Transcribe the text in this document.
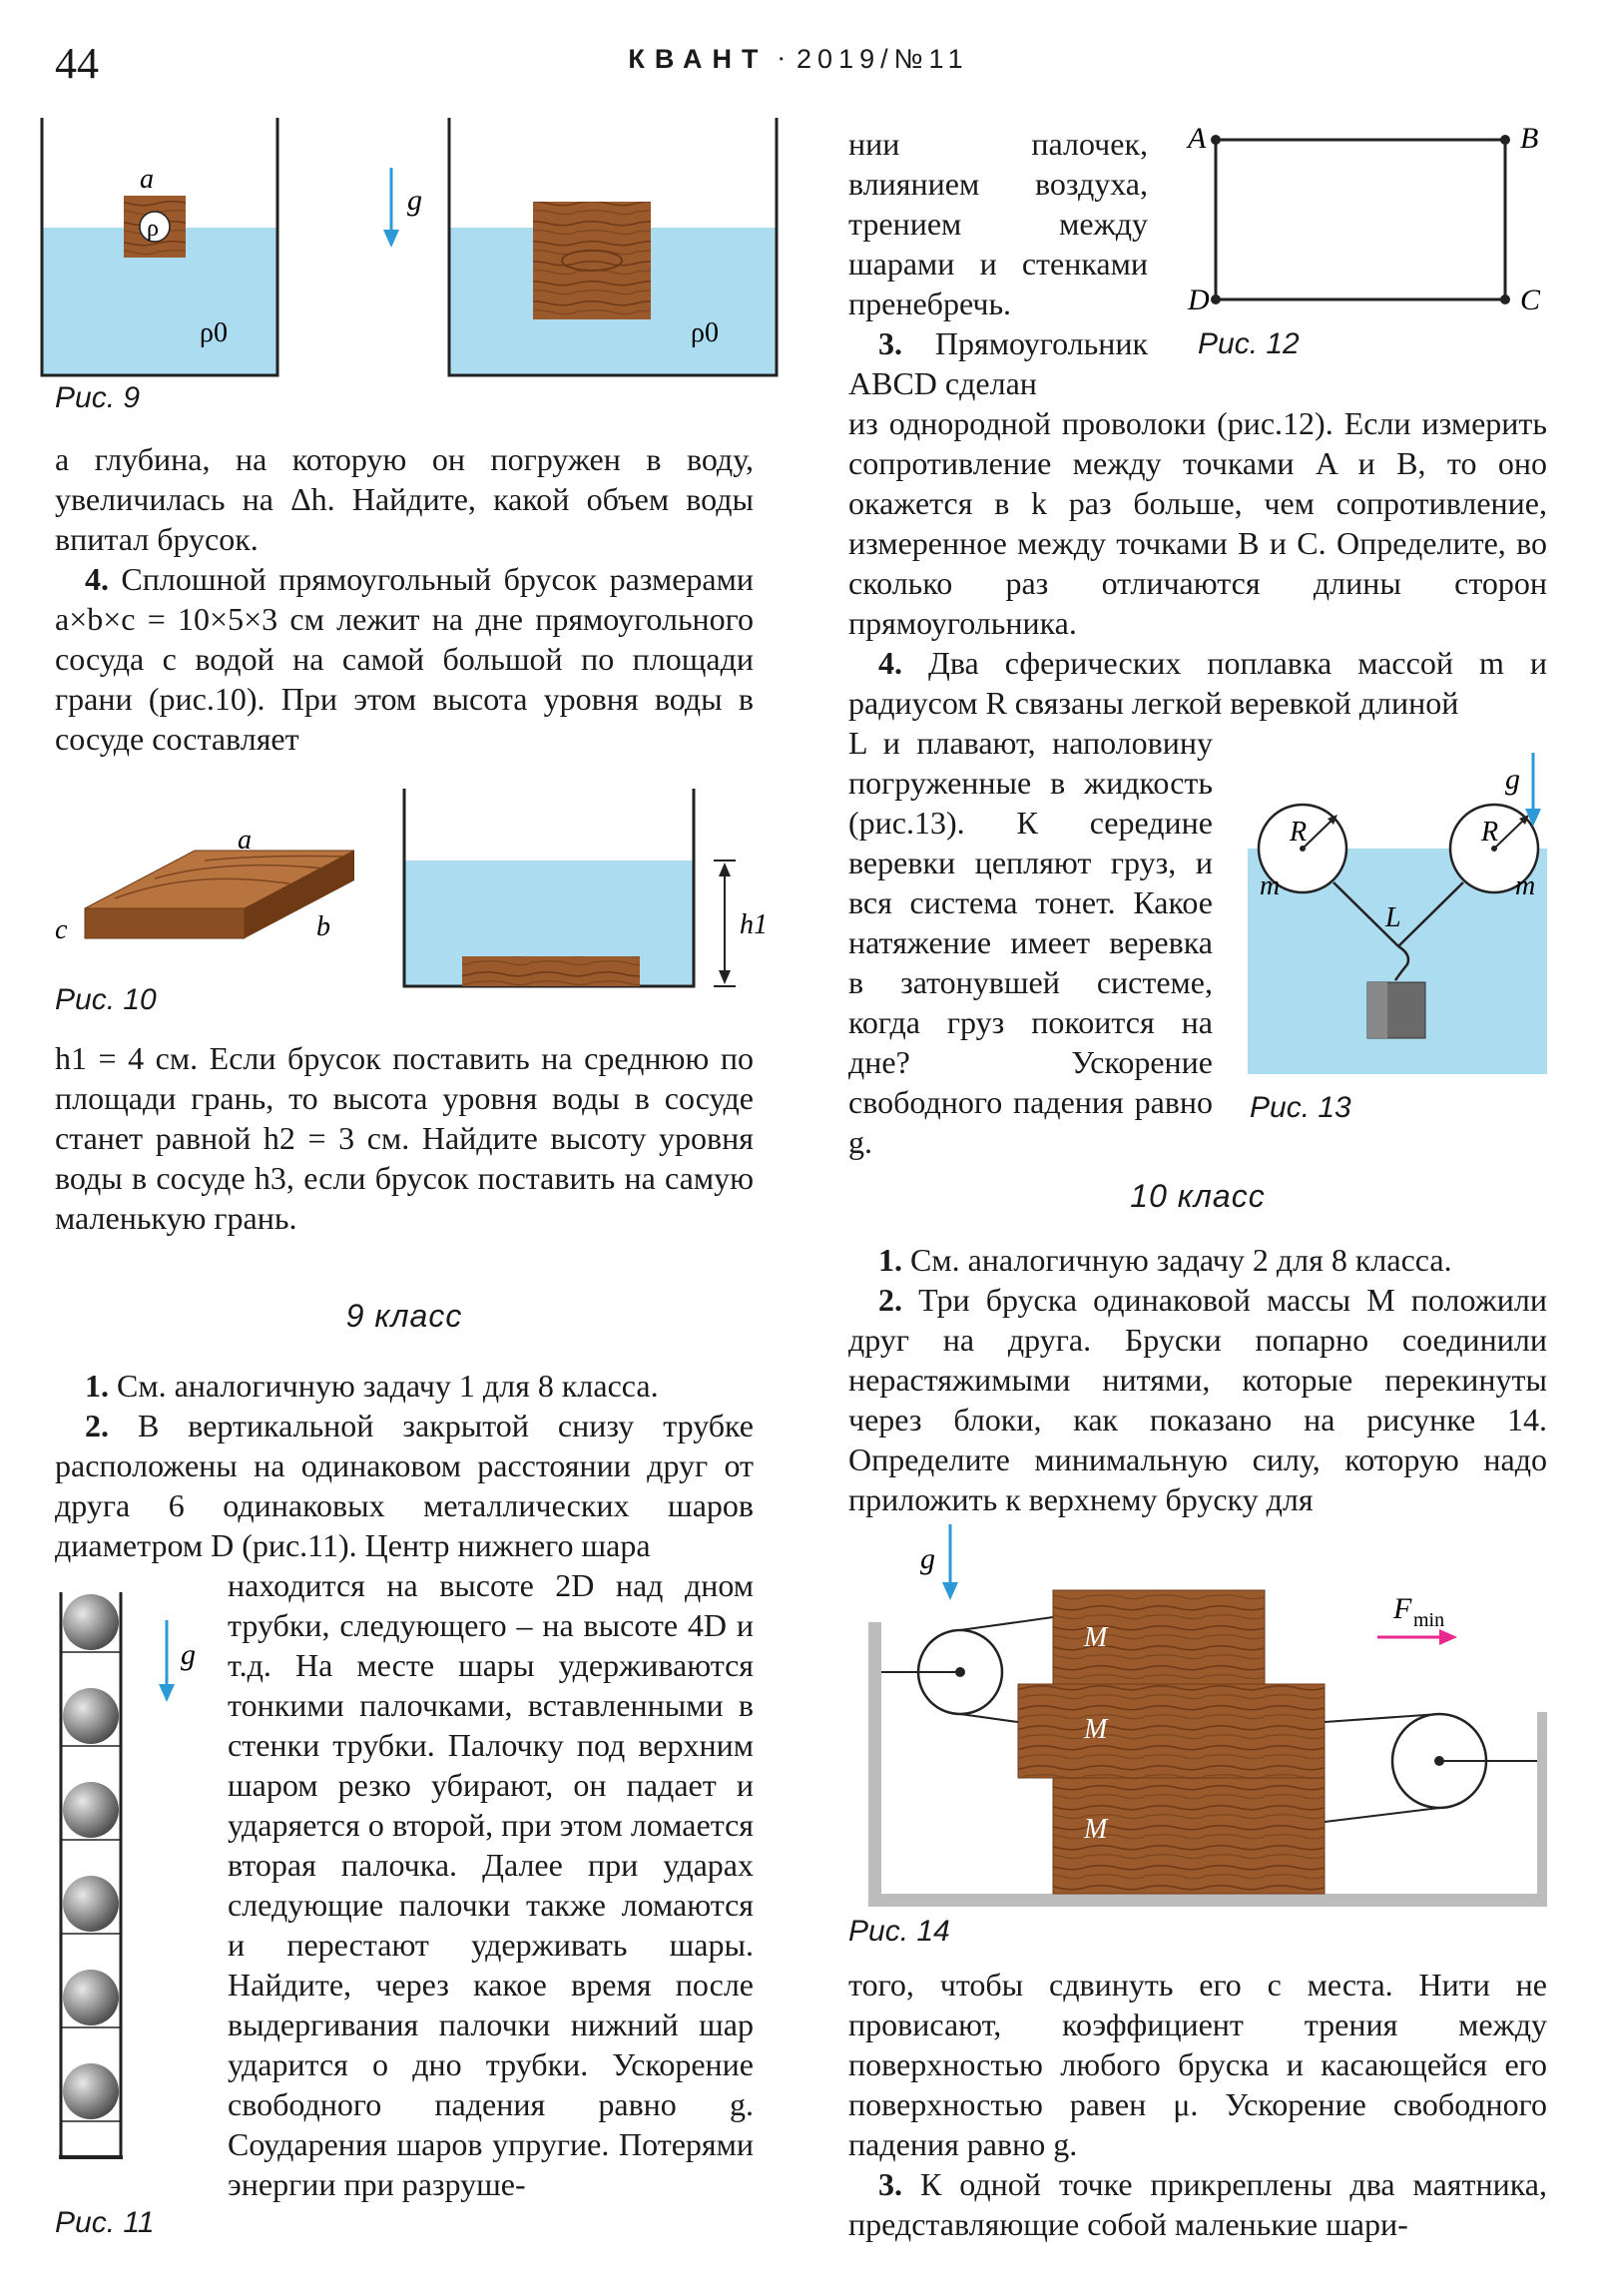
44	КВАНТ · 2019/№11
ρ
a
ρ0
g
ρ0
Рис. 9

а глубина, на которую он погружен в воду, увеличилась на Δh. Найдите, какой объем воды впитал брусок.

4. Сплошной прямоугольный брусок размерами a×b×c = 10×5×3 см лежит на дне прямоугольного сосуда с водой на самой большой по площади грани (рис.10). При этом высота уровня воды в сосуде составляет

a
b
c	h1
Рис. 10

h1 = 4 см. Если брусок поставить на среднюю по площади грань, то высота уровня воды в сосуде станет равной h2 = 3 см. Найдите высоту уровня воды в сосуде h3, если брусок поставить на самую маленькую грань.

9 класс

1. См. аналогичную задачу 1 для 8 класса.

2. В вертикальной закрытой снизу трубке расположены на одинаковом расстоянии друг от друга 6 одинаковых металлических шаров диаметром D (рис.11). Центр нижнего шара

g
Рис. 11

находится на высоте 2D над дном трубки, следующего – на высоте 4D и т.д. На месте шары удерживаются тонкими палочками, вставленными в стенки трубки. Палочку под верхним шаром резко убирают, он падает и ударяется о второй, при этом ломается вторая палочка. Далее при ударах следующие палочки также ломаются и перестают удерживать шары. Найдите, через какое время после выдергивания палочки нижний шар ударится о дно трубки. Ускорение свободного падения равно g. Соударения шаров упругие. Потерями энергии при разруше-

нии палочек, влиянием воздуха, трением между шарами и стенками пренебречь.

3. Прямоугольник ABCD сделан

A	B
C
D
Рис. 12

из однородной проволоки (рис.12). Если измерить сопротивление между точками A и B, то оно окажется в k раз больше, чем сопротивление, измеренное между точками B и C. Определите, во сколько раз отличаются длины сторон прямоугольника.

4. Два сферических поплавка массой m и радиусом R связаны легкой веревкой длиной

L и плавают, наполовину погруженные в жидкость (рис.13). К середине веревки цепляют груз, и вся система тонет. Какое натяжение имеет веревка в затонувшей системе, когда груз покоится на дне? Ускорение свободного падения равно g.

R	R
m	m
L
g
Рис. 13
10 класс

1. См. аналогичную задачу 2 для 8 класса.

2. Три бруска одинаковой массы M положили друг на друга. Бруски попарно соединили нерастяжимыми нитями, которые перекинуты через блоки, как показано на рисунке 14. Определите минимальную силу, которую надо приложить к верхнему бруску для

M
M
M
F min
g
Рис. 14

того, чтобы сдвинуть его с места. Нити не провисают, коэффициент трения между поверхностью любого бруска и касающейся его поверхностью равен μ. Ускорение свободного падения равно g.

3. К одной точке прикреплены два маятника, представляющие собой маленькие шари-
